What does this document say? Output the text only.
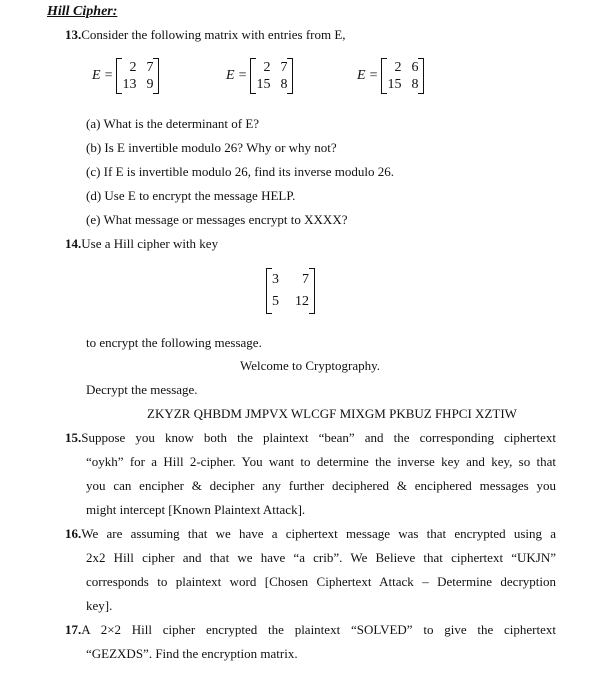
Hill Cipher:
13.Consider the following matrix with entries from E,
E =
2 7
13 9
E =
2 7
15 8
E =
2 6
15 8
(a) What is the determinant of E?
(b) Is E invertible modulo 26? Why or why not?
(c) If E is invertible modulo 26, find its inverse modulo 26.
(d) Use E to encrypt the message HELP.
(e) What message or messages encrypt to XXXX?
14.Use a Hill cipher with key
3	7
5 12
to encrypt the following message.
Welcome to Cryptography.
Decrypt the message.
ZKYZR QHBDM JMPVX WLCGF MIXGM PKBUZ FHPCI XZTIW
15.Suppose you know both the plaintext “bean” and the corresponding ciphertext
“oykh” for a Hill 2-cipher. You want to determine the inverse key and key, so that
you can encipher & decipher any further deciphered & enciphered messages you
might intercept [Known Plaintext Attack].
16.We are assuming that we have a ciphertext message was that encrypted using a
2x2 Hill cipher and that we have “a crib”. We Believe that ciphertext “UKJN”
corresponds to plaintext word [Chosen Ciphertext Attack – Determine decryption
key].
17.A 2×2 Hill cipher encrypted the plaintext “SOLVED” to give the ciphertext
“GEZXDS”. Find the encryption matrix.
